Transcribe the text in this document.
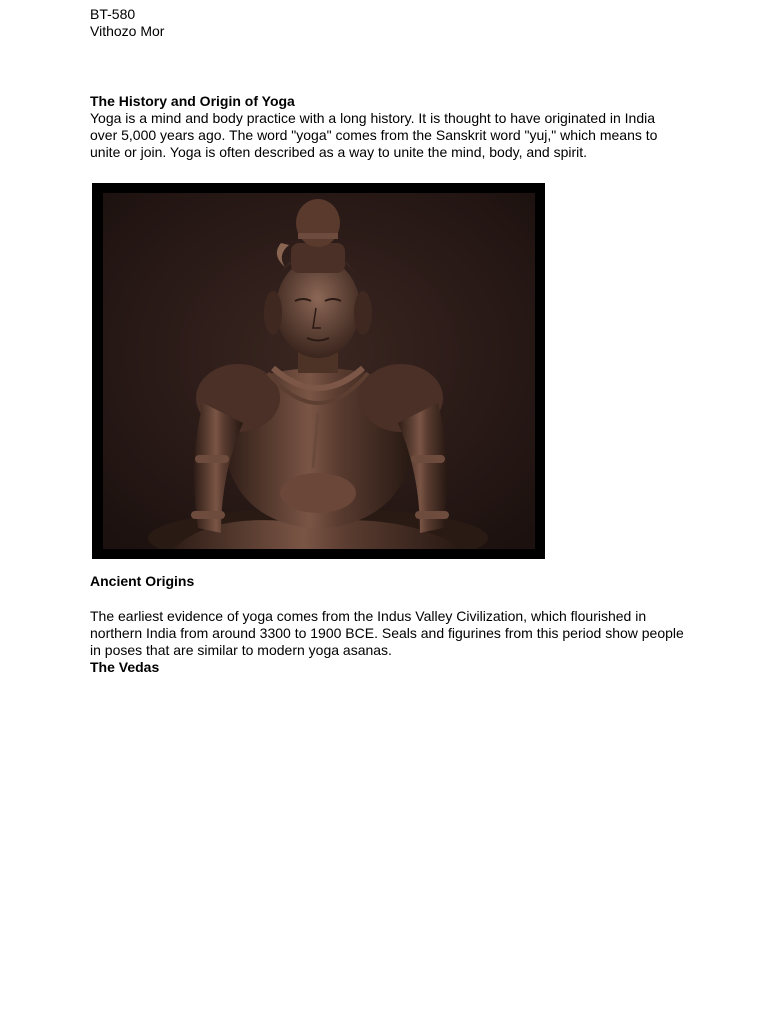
BT-580
Vithozo Mor
The History and Origin of Yoga
Yoga is a mind and body practice with a long history. It is thought to have originated in India
over 5,000 years ago. The word "yoga" comes from the Sanskrit word "yuj," which means to
unite or join. Yoga is often described as a way to unite the mind, body, and spirit.
Ancient Origins
The earliest evidence of yoga comes from the Indus Valley Civilization, which flourished in
northern India from around 3300 to 1900 BCE. Seals and figurines from this period show people
in poses that are similar to modern yoga asanas.
The Vedas
